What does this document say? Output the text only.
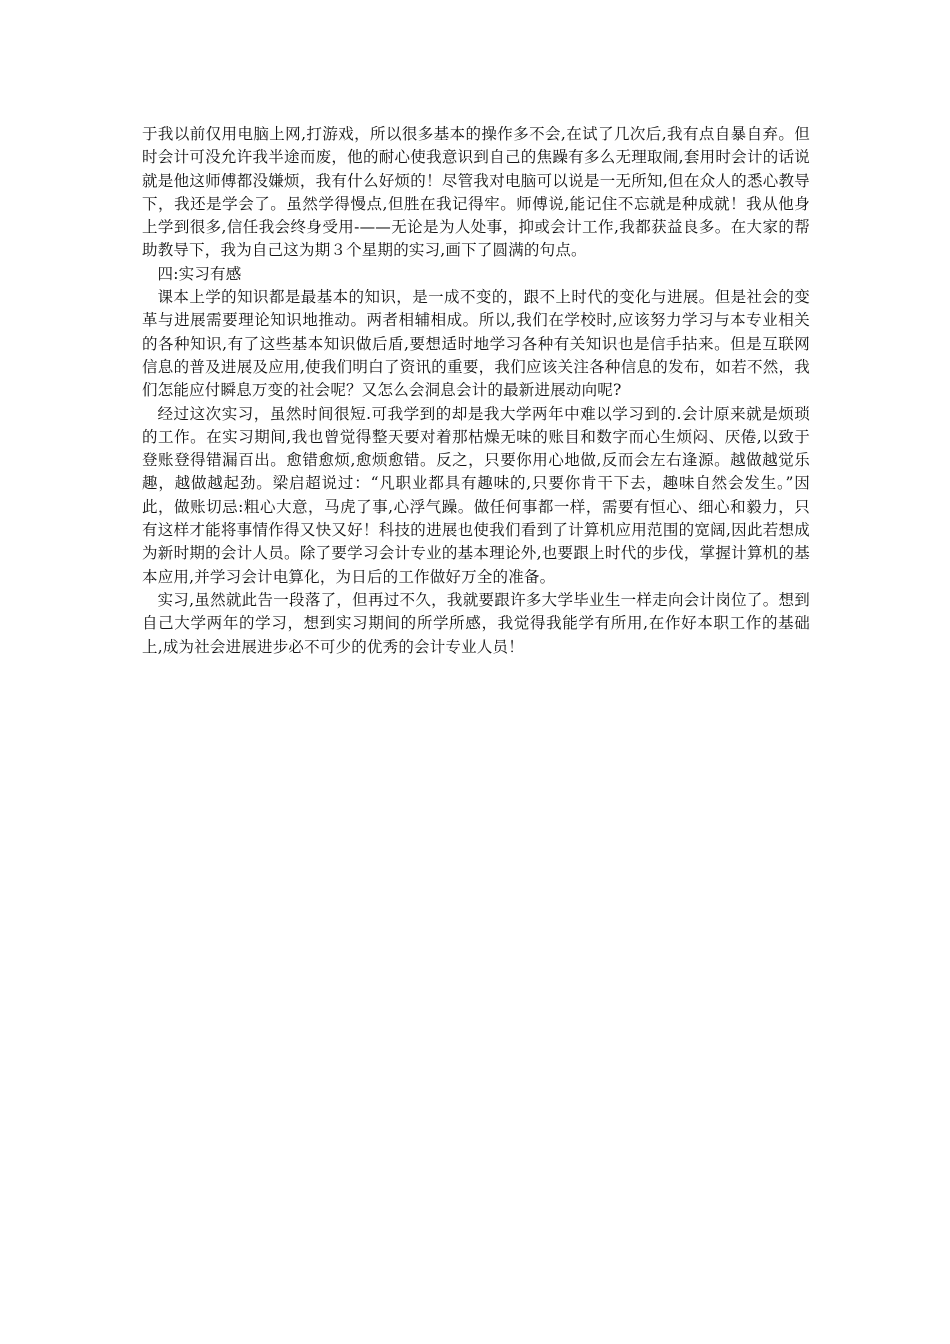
于我以前仅用电脑上网,打游戏，所以很多基本的操作多不会,在试了几次后,我有点自暴自弃。但时会计可没允许我半途而废，他的耐心使我意识到自己的焦躁有多么无理取闹,套用时会计的话说就是他这师傅都没嫌烦，我有什么好烦的！尽管我对电脑可以说是一无所知,但在众人的悉心教导下，我还是学会了。虽然学得慢点,但胜在我记得牢。师傅说,能记住不忘就是种成就！我从他身上学到很多,信任我会终身受用-——无论是为人处事，抑或会计工作,我都获益良多。在大家的帮助教导下，我为自己这为期３个星期的实习,画下了圆满的句点。

四:实习有感

课本上学的知识都是最基本的知识，是一成不变的，跟不上时代的变化与进展。但是社会的变革与进展需要理论知识地推动。两者相辅相成。所以,我们在学校时,应该努力学习与本专业相关的各种知识,有了这些基本知识做后盾,要想适时地学习各种有关知识也是信手拈来。但是互联网信息的普及进展及应用,使我们明白了资讯的重要，我们应该关注各种信息的发布，如若不然，我们怎能应付瞬息万变的社会呢？又怎么会洞息会计的最新进展动向呢?

经过这次实习，虽然时间很短.可我学到的却是我大学两年中难以学习到的.会计原来就是烦琐的工作。在实习期间,我也曾觉得整天要对着那枯燥无味的账目和数字而心生烦闷、厌倦,以致于登账登得错漏百出。愈错愈烦,愈烦愈错。反之，只要你用心地做,反而会左右逢源。越做越觉乐趣，越做越起劲。梁启超说过：“凡职业都具有趣味的,只要你肯干下去，趣味自然会发生。”因此，做账切忌:粗心大意，马虎了事,心浮气躁。做任何事都一样，需要有恒心、细心和毅力，只有这样才能将事情作得又快又好！科技的进展也使我们看到了计算机应用范围的宽阔,因此若想成为新时期的会计人员。除了要学习会计专业的基本理论外,也要跟上时代的步伐，掌握计算机的基本应用,并学习会计电算化，为日后的工作做好万全的准备。

实习,虽然就此告一段落了，但再过不久，我就要跟许多大学毕业生一样走向会计岗位了。想到自己大学两年的学习，想到实习期间的所学所感，我觉得我能学有所用,在作好本职工作的基础上,成为社会进展进步必不可少的优秀的会计专业人员！
